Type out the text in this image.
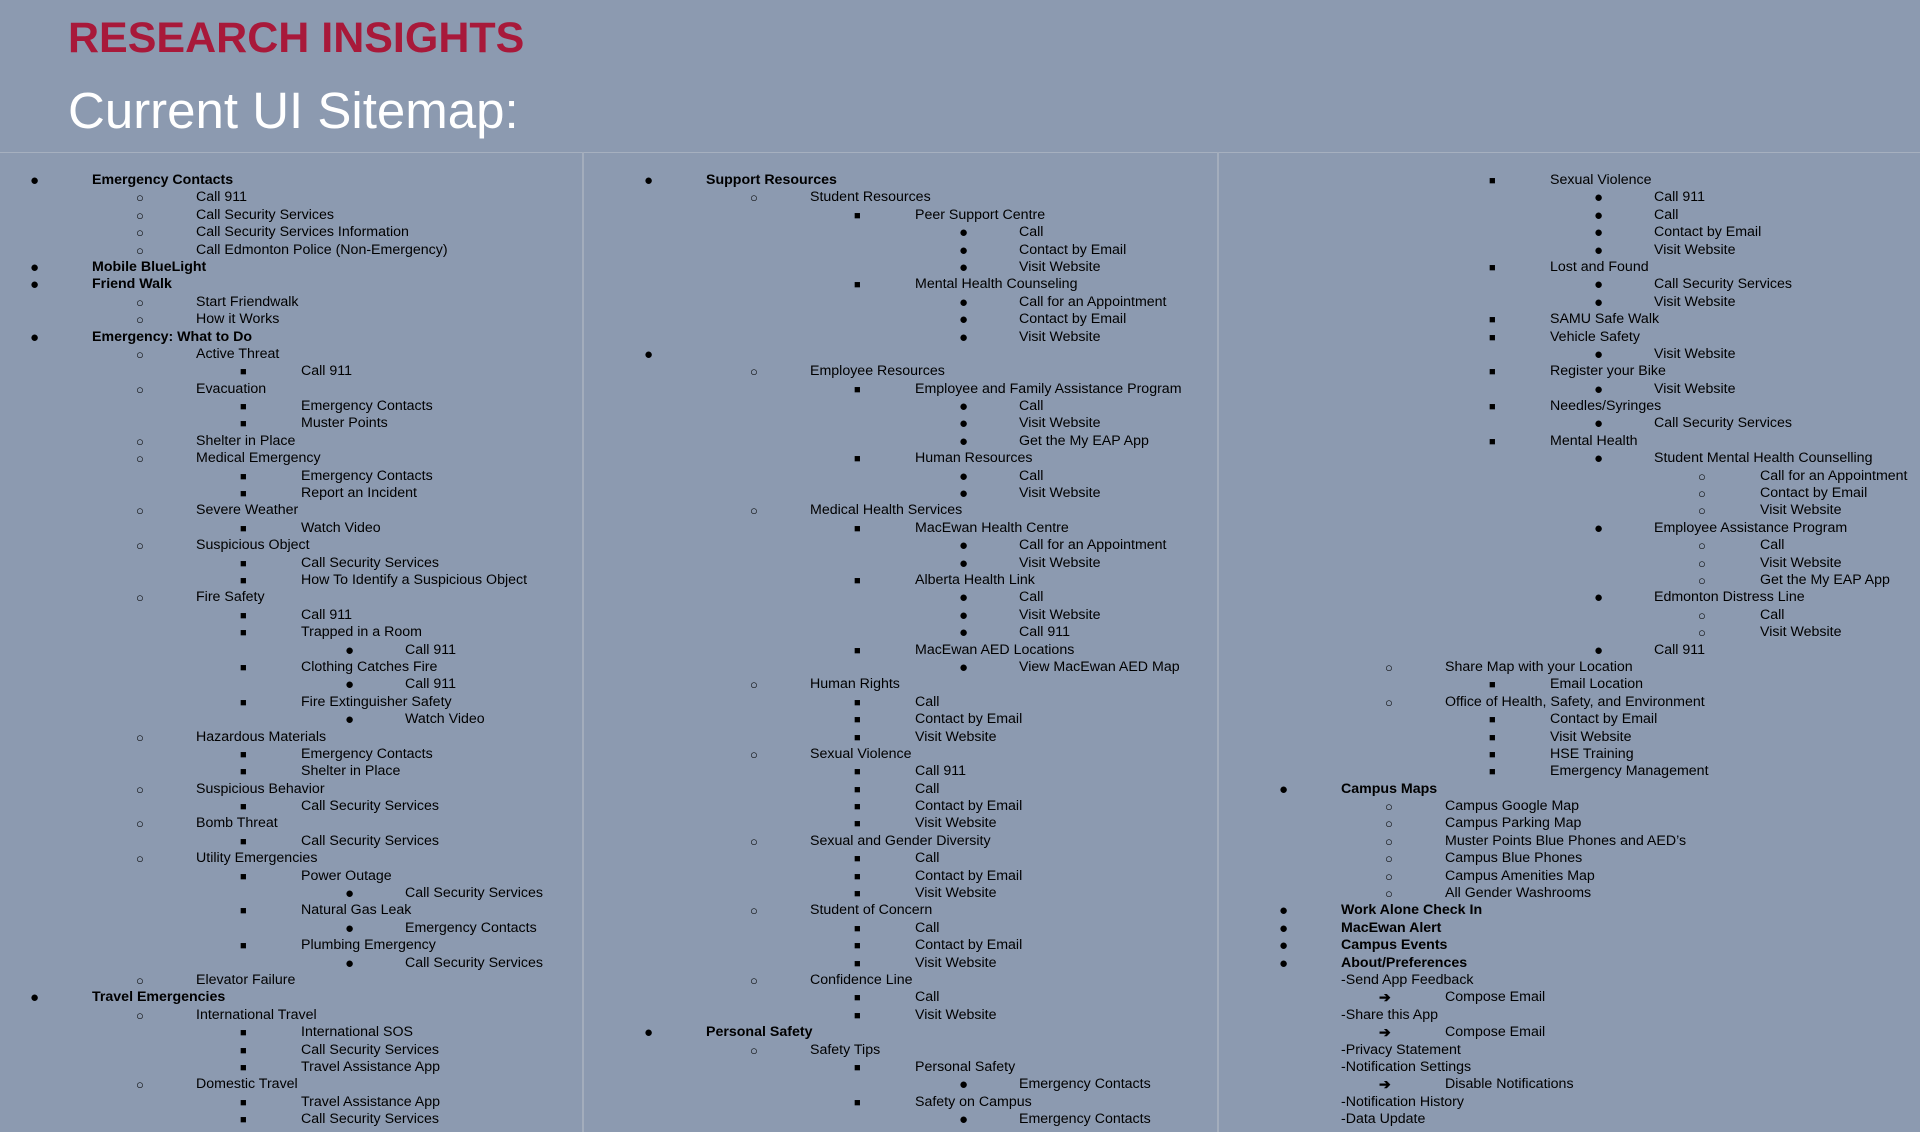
RESEARCH INSIGHTS
Current UI Sitemap:
●	Emergency Contacts
○	Call 911
○	Call Security Services
○	Call Security Services Information
○	Call Edmonton Police (Non-Emergency)
●	Mobile BlueLight
●	Friend Walk
○	Start Friendwalk
○	How it Works
●	Emergency: What to Do
○	Active Threat
■	Call 911
○	Evacuation
■	Emergency Contacts
■	Muster Points
○	Shelter in Place
○	Medical Emergency
■	Emergency Contacts
■	Report an Incident
○	Severe Weather
■	Watch Video
○	Suspicious Object
■	Call Security Services
■	How To Identify a Suspicious Object
○	Fire Safety
■	Call 911
■	Trapped in a Room
●	Call 911
■	Clothing Catches Fire
●	Call 911
■	Fire Extinguisher Safety
●	Watch Video
○	Hazardous Materials
■	Emergency Contacts
■	Shelter in Place
○	Suspicious Behavior
■	Call Security Services
○	Bomb Threat
■	Call Security Services
○	Utility Emergencies
■	Power Outage
●	Call Security Services
■	Natural Gas Leak
●	Emergency Contacts
■	Plumbing Emergency
●	Call Security Services
○	Elevator Failure
●	Travel Emergencies
○	International Travel
■	International SOS
■	Call Security Services
■	Travel Assistance App
○	Domestic Travel
■	Travel Assistance App
■	Call Security Services
●	Support Resources
○	Student Resources
■	Peer Support Centre
●	Call
●	Contact by Email
●	Visit Website
■	Mental Health Counseling
●	Call for an Appointment
●	Contact by Email
●	Visit Website
●
○	Employee Resources
■	Employee and Family Assistance Program
●	Call
●	Visit Website
●	Get the My EAP App
■	Human Resources
●	Call
●	Visit Website
○	Medical Health Services
■	MacEwan Health Centre
●	Call for an Appointment
●	Visit Website
■	Alberta Health Link
●	Call
●	Visit Website
●	Call 911
■	MacEwan AED Locations
●	View MacEwan AED Map
○	Human Rights
■	Call
■	Contact by Email
■	Visit Website
○	Sexual Violence
■	Call 911
■	Call
■	Contact by Email
■	Visit Website
○	Sexual and Gender Diversity
■	Call
■	Contact by Email
■	Visit Website
○	Student of Concern
■	Call
■	Contact by Email
■	Visit Website
○	Confidence Line
■	Call
■	Visit Website
●	Personal Safety
○	Safety Tips
■	Personal Safety
●	Emergency Contacts
■	Safety on Campus
●	Emergency Contacts
■	Sexual Violence
●	Call 911
●	Call
●	Contact by Email
●	Visit Website
■	Lost and Found
●	Call Security Services
●	Visit Website
■	SAMU Safe Walk
■	Vehicle Safety
●	Visit Website
■	Register your Bike
●	Visit Website
■	Needles/Syringes
●	Call Security Services
■	Mental Health
●	Student Mental Health Counselling
○	Call for an Appointment
○	Contact by Email
○	Visit Website
●	Employee Assistance Program
○	Call
○	Visit Website
○	Get the My EAP App
●	Edmonton Distress Line
○	Call
○	Visit Website
●	Call 911
○	Share Map with your Location
■	Email Location
○	Office of Health, Safety, and Environment
■	Contact by Email
■	Visit Website
■	HSE Training
■	Emergency Management
●	Campus Maps
○	Campus Google Map
○	Campus Parking Map
○	Muster Points Blue Phones and AED’s
○	Campus Blue Phones
○	Campus Amenities Map
○	All Gender Washrooms
●	Work Alone Check In
●	MacEwan Alert
●	Campus Events
●	About/Preferences
-Send App Feedback
➔	Compose Email
-Share this App
➔	Compose Email
-Privacy Statement
-Notification Settings
➔	Disable Notifications
-Notification History
-Data Update
